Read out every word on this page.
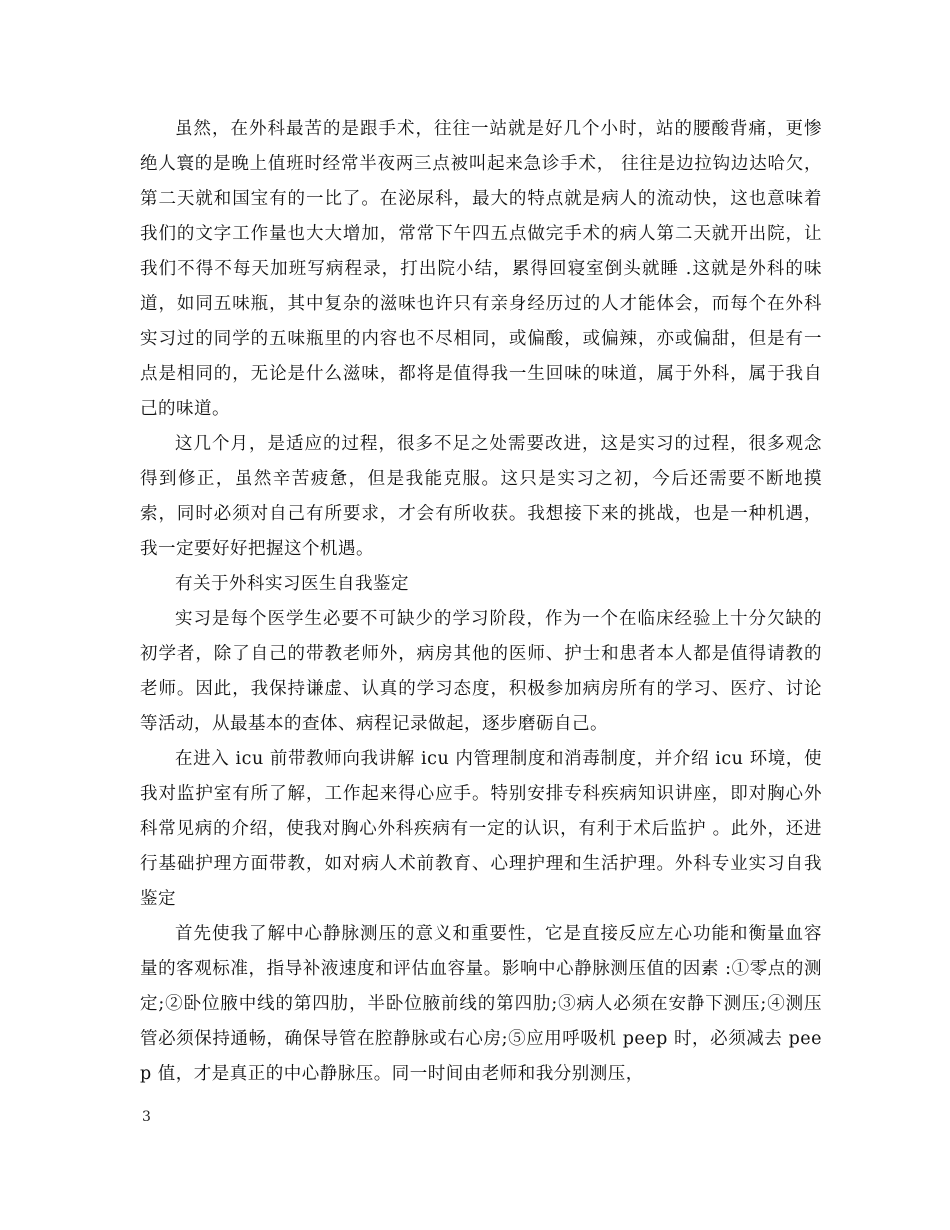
虽然，在外科最苦的是跟手术，往往一站就是好几个小时，站的腰酸背痛，更惨绝人寰的是晚上值班时经常半夜两三点被叫起来急诊手术， 往往是边拉钩边达哈欠，第二天就和国宝有的一比了。在泌尿科，最大的特点就是病人的流动快，这也意味着我们的文字工作量也大大增加，常常下午四五点做完手术的病人第二天就开出院，让我们不得不每天加班写病程录，打出院小结，累得回寝室倒头就睡 .这就是外科的味道，如同五味瓶，其中复杂的滋味也许只有亲身经历过的人才能体会，而每个在外科实习过的同学的五味瓶里的内容也不尽相同，或偏酸，或偏辣，亦或偏甜，但是有一点是相同的，无论是什么滋味，都将是值得我一生回味的味道，属于外科，属于我自己的味道。

这几个月，是适应的过程，很多不足之处需要改进，这是实习的过程，很多观念得到修正，虽然辛苦疲惫，但是我能克服。这只是实习之初，今后还需要不断地摸索，同时必须对自己有所要求，才会有所收获。我想接下来的挑战，也是一种机遇，我一定要好好把握这个机遇。

有关于外科实习医生自我鉴定

实习是每个医学生必要不可缺少的学习阶段，作为一个在临床经验上十分欠缺的初学者，除了自己的带教老师外，病房其他的医师、护士和患者本人都是值得请教的老师。因此，我保持谦虚、认真的学习态度，积极参加病房所有的学习、医疗、讨论等活动，从最基本的查体、病程记录做起，逐步磨砺自己。

在进入 icu 前带教师向我讲解 icu 内管理制度和消毒制度，并介绍 icu 环境，使我对监护室有所了解，工作起来得心应手。特别安排专科疾病知识讲座，即对胸心外科常见病的介绍，使我对胸心外科疾病有一定的认识，有利于术后监护 。此外，还进行基础护理方面带教，如对病人术前教育、心理护理和生活护理。外科专业实习自我鉴定

首先使我了解中心静脉测压的意义和重要性，它是直接反应左心功能和衡量血容量的客观标准，指导补液速度和评估血容量。影响中心静脉测压值的因素 :①零点的测定;②卧位腋中线的第四肋，半卧位腋前线的第四肋;③病人必须在安静下测压;④测压管必须保持通畅，确保导管在腔静脉或右心房;⑤应用呼吸机 peep 时，必须减去 peep 值，才是真正的中心静脉压。同一时间由老师和我分别测压，

3
